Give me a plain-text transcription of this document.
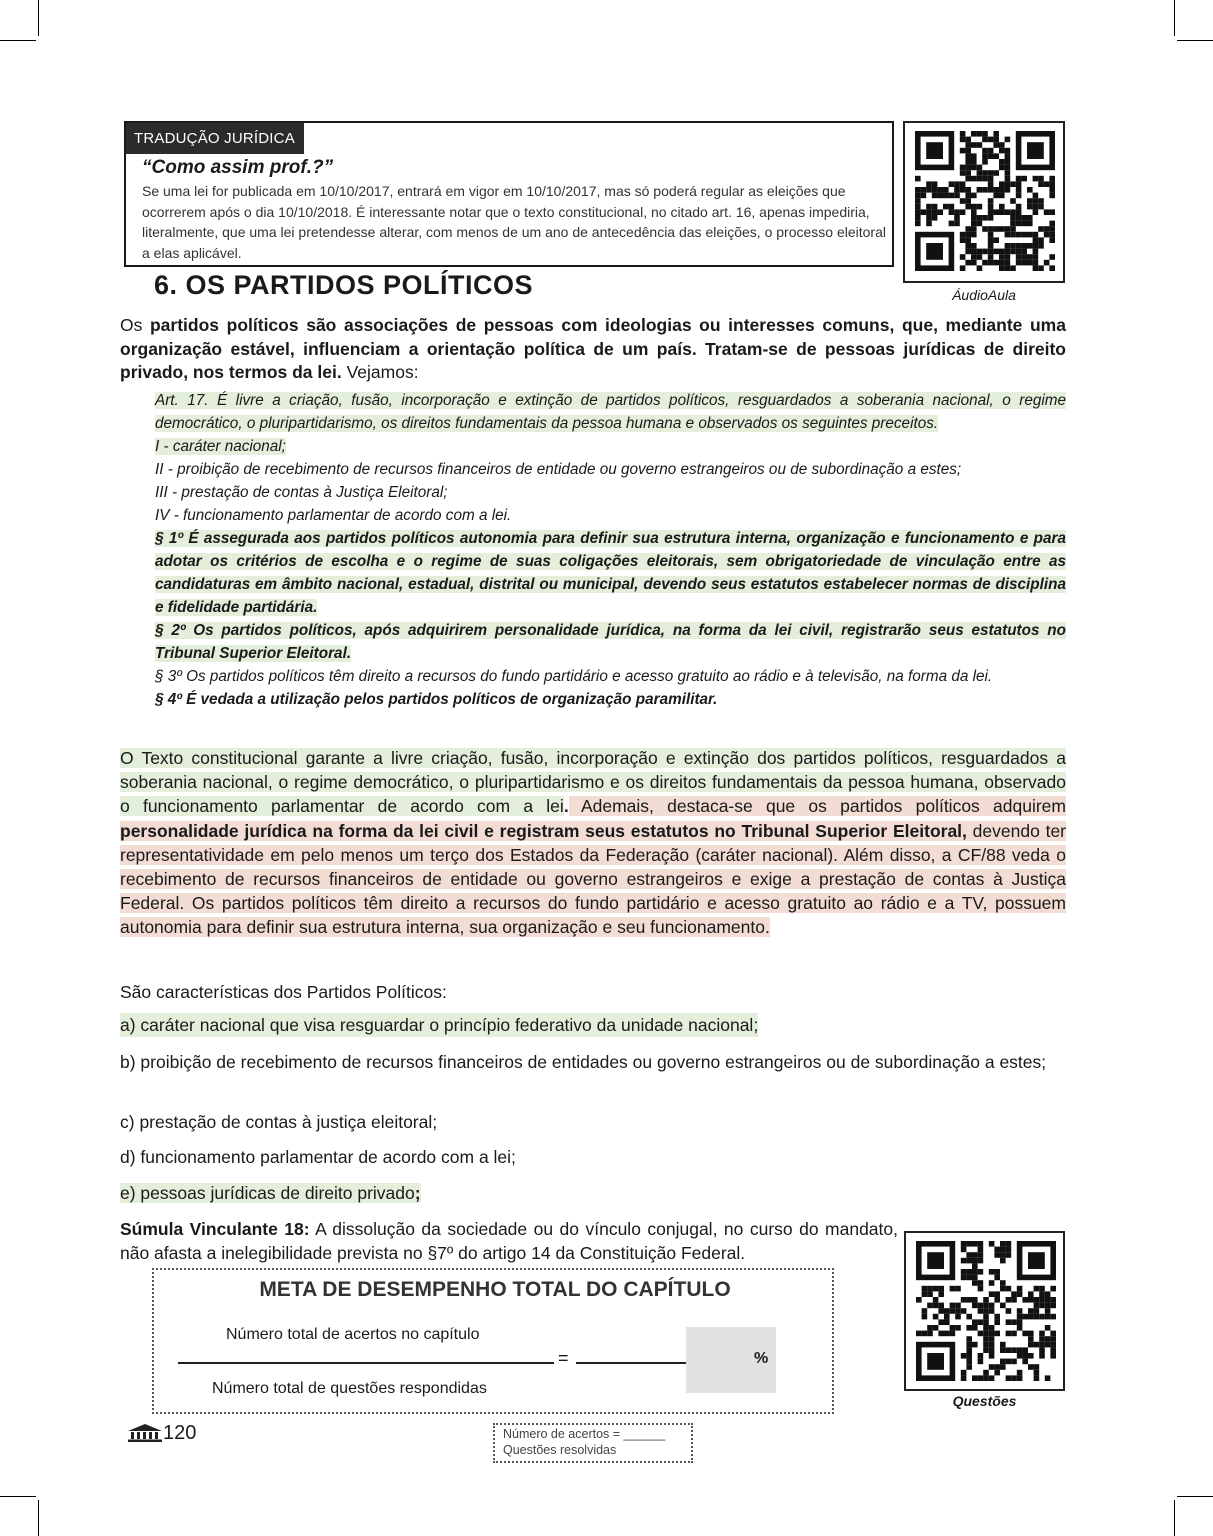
TRADUÇÃO JURÍDICA
“Como assim prof.?”
Se uma lei for publicada em 10/10/2017, entrará em vigor em 10/10/2017, mas só poderá regular as eleições que ocorrerem após o dia 10/10/2018. É interessante notar que o texto constitucional, no citado art. 16, apenas impediria, literalmente, que uma lei pretendesse alterar, com menos de um ano de antecedência das eleições, o processo eleitoral a elas aplicável.
ÁudioAula
6. OS PARTIDOS POLÍTICOS
Os partidos políticos são associações de pessoas com ideologias ou interesses comuns, que, mediante uma organização estável, influenciam a orientação política de um país. Tratam-se de pessoas jurídicas de direito privado, nos termos da lei. Vejamos:
Art. 17. É livre a criação, fusão, incorporação e extinção de partidos políticos, resguardados a soberania nacional, o regime democrático, o pluripartidarismo, os direitos fundamentais da pessoa humana e observados os seguintes preceitos.
I - caráter nacional;
II - proibição de recebimento de recursos financeiros de entidade ou governo estrangeiros ou de subordinação a estes;
III - prestação de contas à Justiça Eleitoral;
IV - funcionamento parlamentar de acordo com a lei.
§ 1º É assegurada aos partidos políticos autonomia para definir sua estrutura interna, organização e funcionamento e para adotar os critérios de escolha e o regime de suas coligações eleitorais, sem obrigatoriedade de vinculação entre as candidaturas em âmbito nacional, estadual, distrital ou municipal, devendo seus estatutos estabelecer normas de disciplina e fidelidade partidária.
§ 2º Os partidos políticos, após adquirirem personalidade jurídica, na forma da lei civil, registrarão seus estatutos no Tribunal Superior Eleitoral.
§ 3º Os partidos políticos têm direito a recursos do fundo partidário e acesso gratuito ao rádio e à televisão, na forma da lei.
§ 4º É vedada a utilização pelos partidos políticos de organização paramilitar.
O Texto constitucional garante a livre criação, fusão, incorporação e extinção dos partidos políticos, resguardados a soberania nacional, o regime democrático, o pluripartidarismo e os direitos fundamentais da pessoa humana, observado o funcionamento parlamentar de acordo com a lei. Ademais, destaca-se que os partidos políticos adquirem personalidade jurídica na forma da lei civil e registram seus estatutos no Tribunal Superior Eleitoral, devendo ter representatividade em pelo menos um terço dos Estados da Federação (caráter nacional). Além disso, a CF/88 veda o recebimento de recursos financeiros de entidade ou governo estrangeiros e exige a prestação de contas à Justiça Federal. Os partidos políticos têm direito a recursos do fundo partidário e acesso gratuito ao rádio e a TV, possuem autonomia para definir sua estrutura interna, sua organização e seu funcionamento.
São características dos Partidos Políticos:
a) caráter nacional que visa resguardar o princípio federativo da unidade nacional;
b) proibição de recebimento de recursos financeiros de entidades ou governo estrangeiros ou de subordinação a estes;
c) prestação de contas à justiça eleitoral;
d) funcionamento parlamentar de acordo com a lei;
e) pessoas jurídicas de direito privado;
Súmula Vinculante 18: A dissolução da sociedade ou do vínculo conjugal, no curso do mandato, não afasta a inelegibilidade prevista no §7º do artigo 14 da Constituição Federal.
Questões
META DE DESEMPENHO TOTAL DO CAPÍTULO
Número total de acertos no capítulo
=	%
Número total de questões respondidas
120	Número de acertos = ______
Questões resolvidas
